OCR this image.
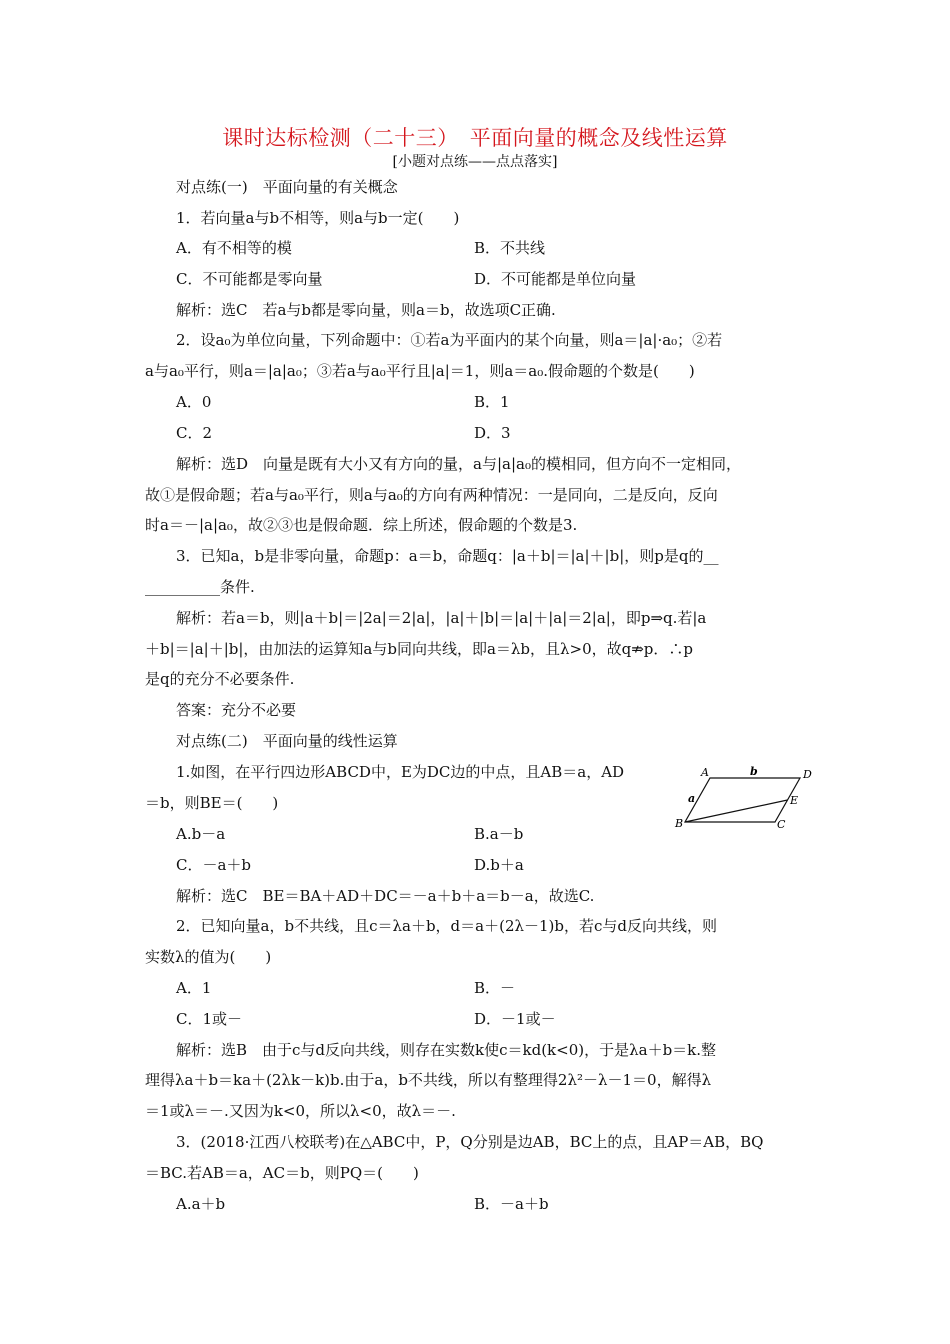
课时达标检测（二十三）　平面向量的概念及线性运算
[小题对点练——点点落实]
对点练(一)　平面向量的有关概念
1．若向量a与b不相等，则a与b一定(　　)
A．有不相等的模	B．不共线
C．不可能都是零向量	D．不可能都是单位向量
解析：选C　若a与b都是零向量，则a＝b，故选项C正确.
2．设a₀为单位向量，下列命题中：①若a为平面内的某个向量，则a＝|a|·a₀；②若
a与a₀平行，则a＝|a|a₀；③若a与a₀平行且|a|＝1，则a＝a₀.假命题的个数是(　　)
A．0	B．1
C．2	D．3
解析：选D　向量是既有大小又有方向的量，a与|a|a₀的模相同，但方向不一定相同，
故①是假命题；若a与a₀平行，则a与a₀的方向有两种情况：一是同向，二是反向，反向
时a＝－|a|a₀，故②③也是假命题．综上所述，假命题的个数是3.
3．已知a，b是非零向量，命题p：a＝b，命题q：|a＋b|＝|a|＋|b|，则p是q的__
__________条件.
解析：若a＝b，则|a＋b|＝|2a|＝2|a|，|a|＋|b|＝|a|＋|a|＝2|a|，即p⇒q.若|a
＋b|＝|a|＋|b|，由加法的运算知a与b同向共线，即a＝λb，且λ>0，故q⇏p．∴p
是q的充分不必要条件.
答案：充分不必要
对点练(二)　平面向量的线性运算
1.如图，在平行四边形ABCD中，E为DC边的中点，且AB＝a，AD
＝b，则BE＝(　　)
A.b－a	B.a－b
C．－a＋b	D.b＋a
解析：选C　BE＝BA＋AD＋DC＝－a＋b＋a＝b－a，故选C.
2．已知向量a，b不共线，且c＝λa＋b，d＝a＋(2λ－1)b，若c与d反向共线，则
实数λ的值为(　　)
A．1	B．－
C．1或－	D．－1或－
解析：选B　由于c与d反向共线，则存在实数k使c＝kd(k<0)，于是λa＋b＝k.整
理得λa＋b＝ka＋(2λk－k)b.由于a，b不共线，所以有整理得2λ²－λ－1＝0，解得λ
＝1或λ＝－.又因为k<0，所以λ<0，故λ＝－.
3．(2018·江西八校联考)在△ABC中，P，Q分别是边AB，BC上的点，且AP＝AB，BQ
＝BC.若AB＝a，AC＝b，则PQ＝(　　)
A.a＋b	B．－a＋b
A	b	D
a	E
B	C
